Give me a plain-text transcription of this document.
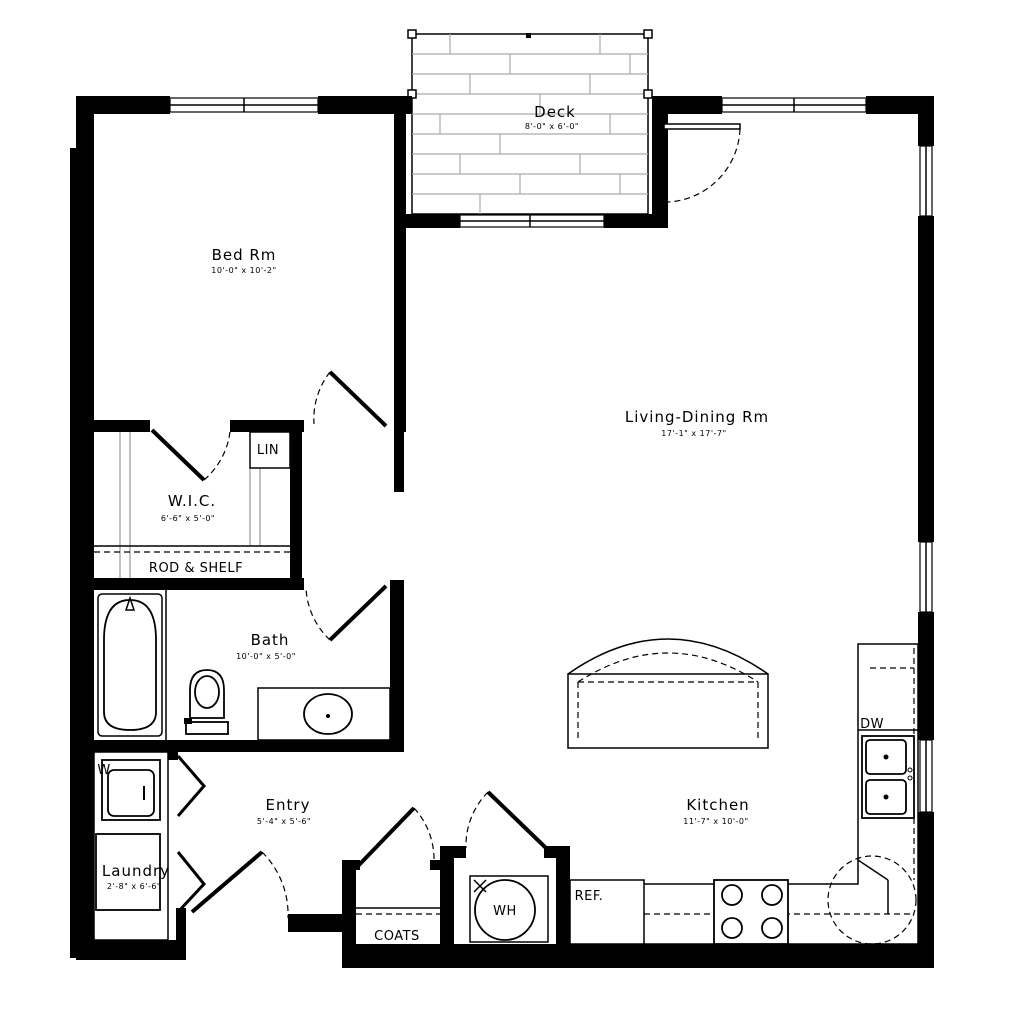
Deck
8'-0" x 6'-0"
Bed Rm
10'-0" x 10'-2"
Living-Dining Rm
17'-1" x 17'-7"
W.I.C.
6'-6" x 5'-0"
Bath
10'-0" x 5'-0"
Entry
5'-4" x 5'-6"
Kitchen
11'-7" x 10'-0"
Laundry
2'-8" x 6'-6"
LIN
ROD & SHELF
DW
W
COATS
WH
REF.
